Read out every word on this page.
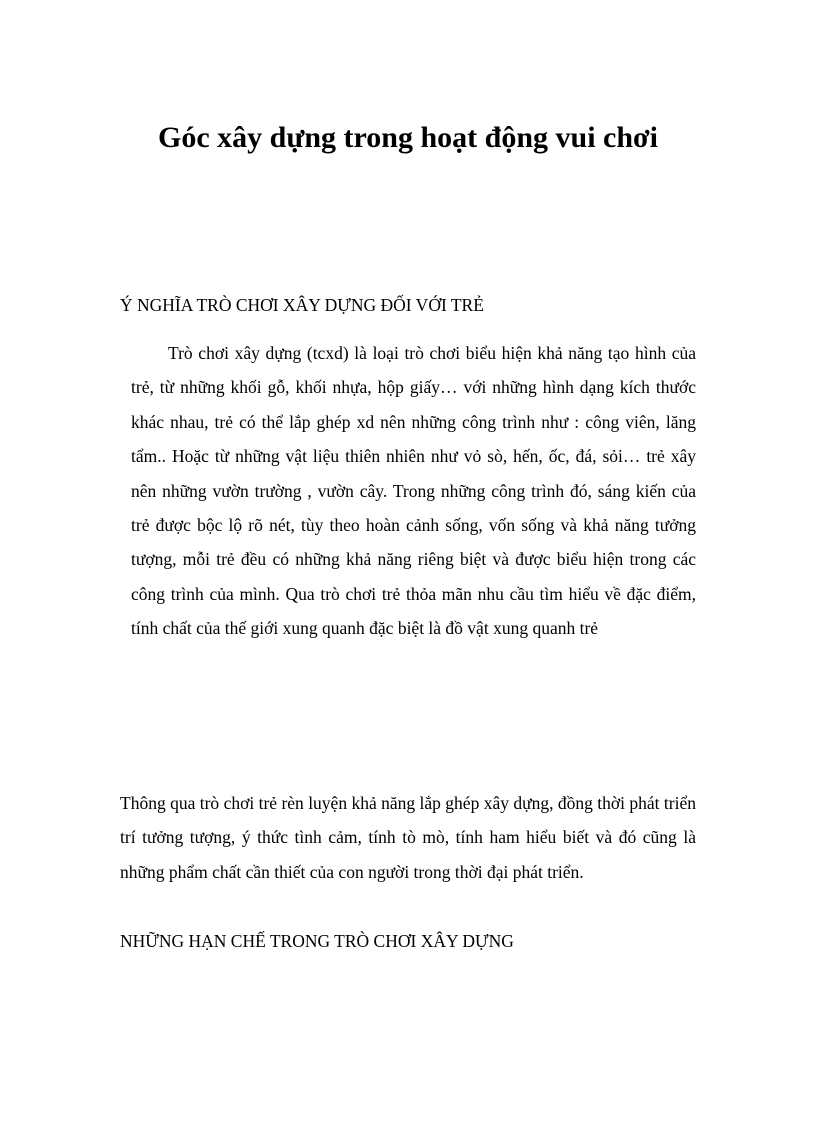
Góc xây dựng trong hoạt động vui chơi

Ý NGHĨA TRÒ CHƠI XÂY DỰNG ĐỐI VỚI TRẺ

Trò chơi xây dựng (tcxd) là loại trò chơi biểu hiện khả năng tạo hình của trẻ, từ những khối gỗ, khối nhựa, hộp giấy… với những hình dạng kích thước khác nhau, trẻ có thể lắp ghép xd nên những công trình như : công viên, lăng tẩm.. Hoặc từ những vật liệu thiên nhiên như vỏ sò, hến, ốc, đá, sỏi… trẻ xây nên những vườn trường , vườn cây. Trong những công trình đó, sáng kiến của trẻ được bộc lộ rõ nét, tùy theo hoàn cảnh sống, vốn sống và khả năng tưởng tượng, mỗi trẻ đều có những khả năng riêng biệt và được biểu hiện trong các công trình của mình. Qua trò chơi trẻ thỏa mãn nhu cầu tìm hiểu về đặc điểm, tính chất của thế giới xung quanh đặc biệt là đồ vật xung quanh trẻ

Thông qua trò chơi trẻ rèn luyện khả năng lắp ghép xây dựng, đồng thời phát triển trí tưởng tượng, ý thức tình cảm, tính tò mò, tính ham hiểu biết và đó cũng là những phẩm chất cần thiết của con người trong thời đại phát triển.

NHỮNG HẠN CHẾ TRONG TRÒ CHƠI XÂY DỰNG
